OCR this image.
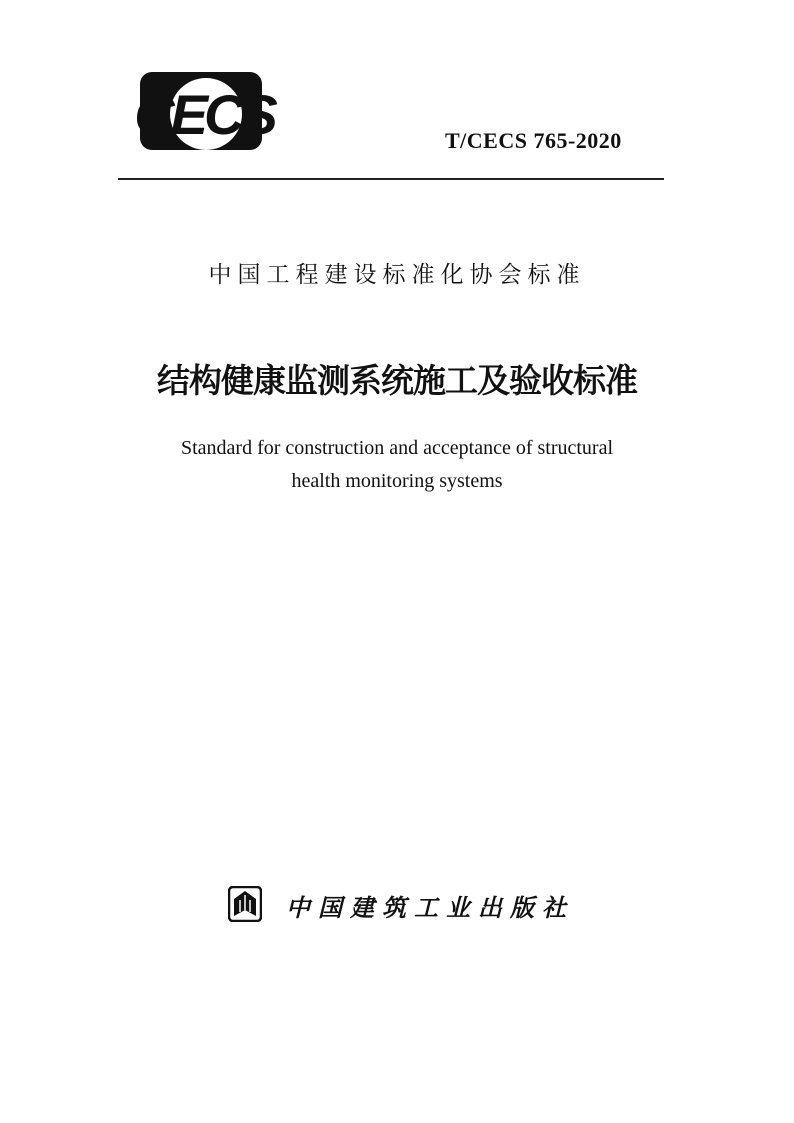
CECS	T/CECS 765-2020
中国工程建设标准化协会标准
结构健康监测系统施工及验收标准
Standard for construction and acceptance of structural
health monitoring systems
中国建筑工业出版社
